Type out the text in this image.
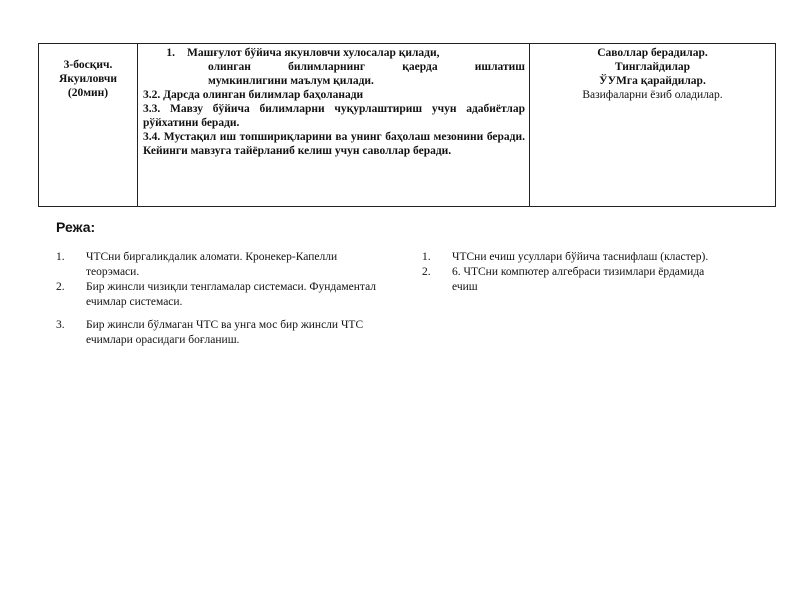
3-босқич.
Якуиловчи
(20мин)

1.	Машғулот бўйича якунловчи хулосалар қилади,
олинган билимларнинг қаерда ишлатиш
мумкинлигини маълум қилади.
3.2. Дарсда олинган билимлар баҳоланади
3.3. Мавзу бўйича билимларни чуқурлаштириш учун адабиётлар рўйхатини беради.
3.4. Мустақил иш топшириқларини ва унинг баҳолаш мезонини беради. Кейинги мавзуга тайёрланиб келиш учун саволлар беради.

Саволлар берадилар.
Тинглайдилар
ЎУМга қарайдилар.
Вазифаларни ёзиб оладилар.
Режа:
1.	ЧТСни биргаликдалик аломати. Кронекер-Капелли теорэмаси.
2.	Бир жинсли чизиқли тенгламалар системаси. Фундаментал ечимлар системаси.
3.	Бир жинсли бўлмаган ЧТС ва унга мос бир жинсли ЧТС ечимлари орасидаги боғланиш.
1.	ЧТСни ечиш усуллари бўйича таснифлаш (кластер).
2.	6. ЧТСни компютер алгебраси тизимлари ёрдамида ечиш
